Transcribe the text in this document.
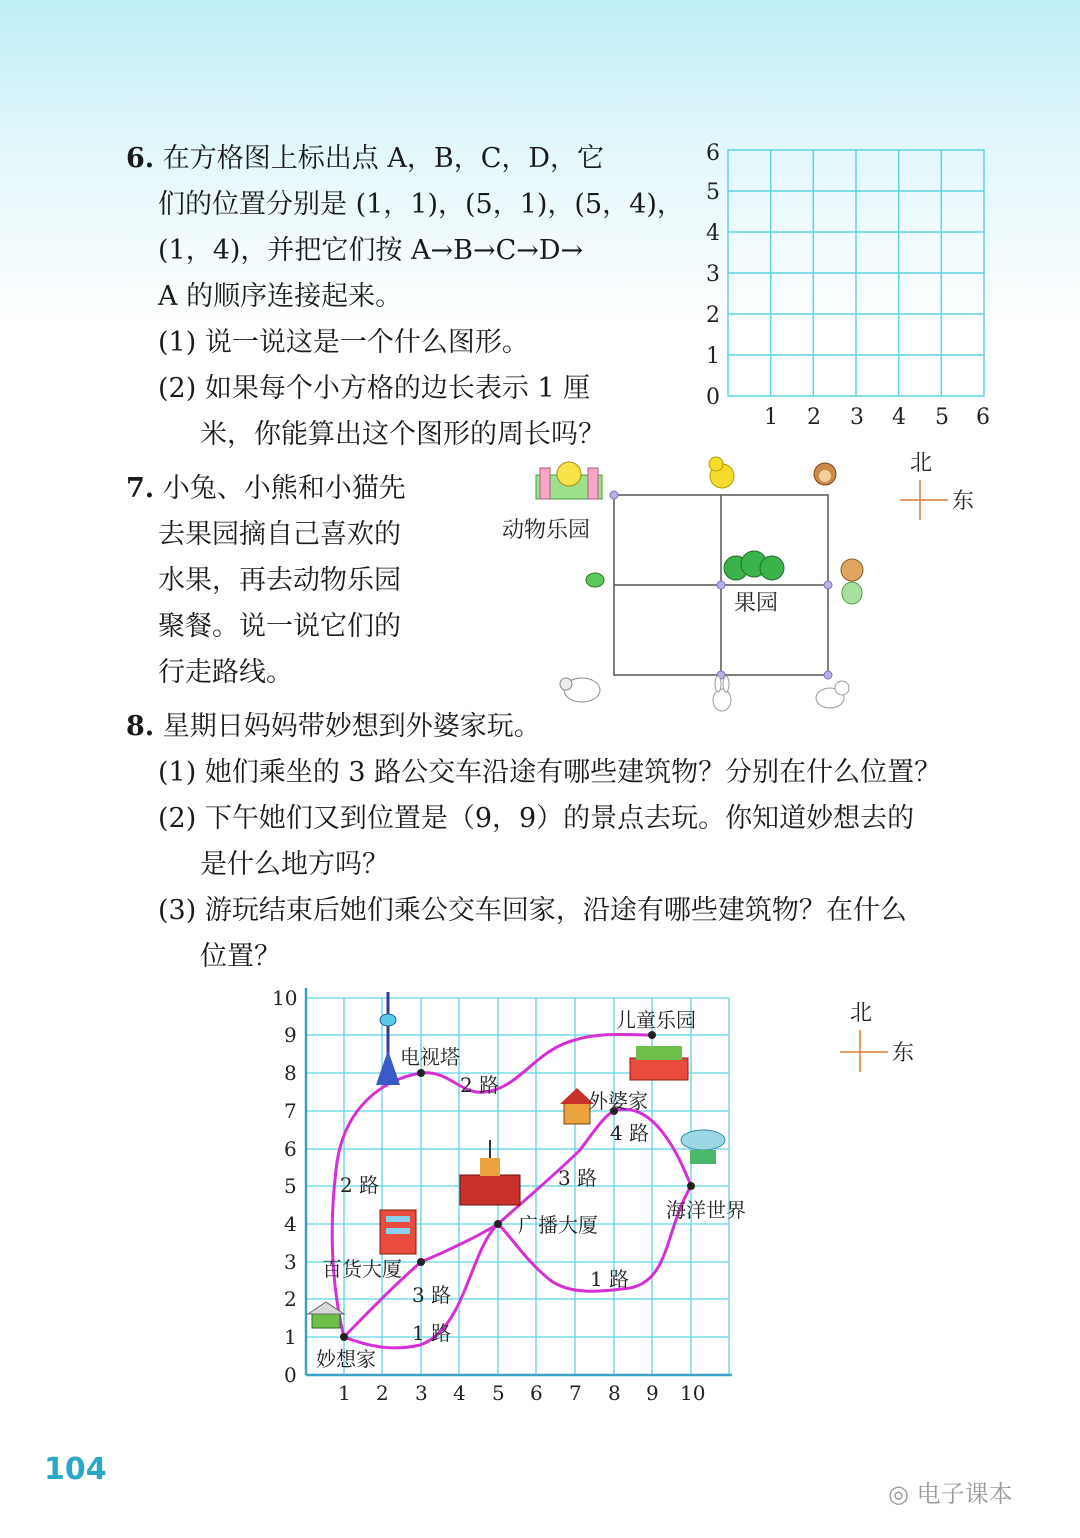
6. 在方格图上标出点 A，B，C，D，它
们的位置分别是 (1，1)，(5，1)，(5，4)，
(1，4)，并把它们按 A→B→C→D→
A 的顺序连接起来。
(1) 说一说这是一个什么图形。
(2) 如果每个小方格的边长表示 1 厘
米，你能算出这个图形的周长吗？
0
1
2
3
4
5
6
1 2 3 4 5 6
7. 小兔、小熊和小猫先
去果园摘自己喜欢的
水果，再去动物乐园
聚餐。说一说它们的
行走路线。
动物乐园
果园
北
东
8. 星期日妈妈带妙想到外婆家玩。
(1) 她们乘坐的 3 路公交车沿途有哪些建筑物？分别在什么位置？
(2) 下午她们又到位置是（9，9）的景点去玩。你知道妙想去的
是什么地方吗？
(3) 游玩结束后她们乘公交车回家，沿途有哪些建筑物？在什么
位置？
0
1
2
3
4
5
6
7
8
9
10
1 2 3 4 5 6 7 8 9 10
电视塔
儿童乐园
外婆家
海洋世界
广播大厦
百货大厦
妙想家
2 路
2 路	3 路
3 路
4 路
1 路
1 路
北
东
104
◎ 电子课本
